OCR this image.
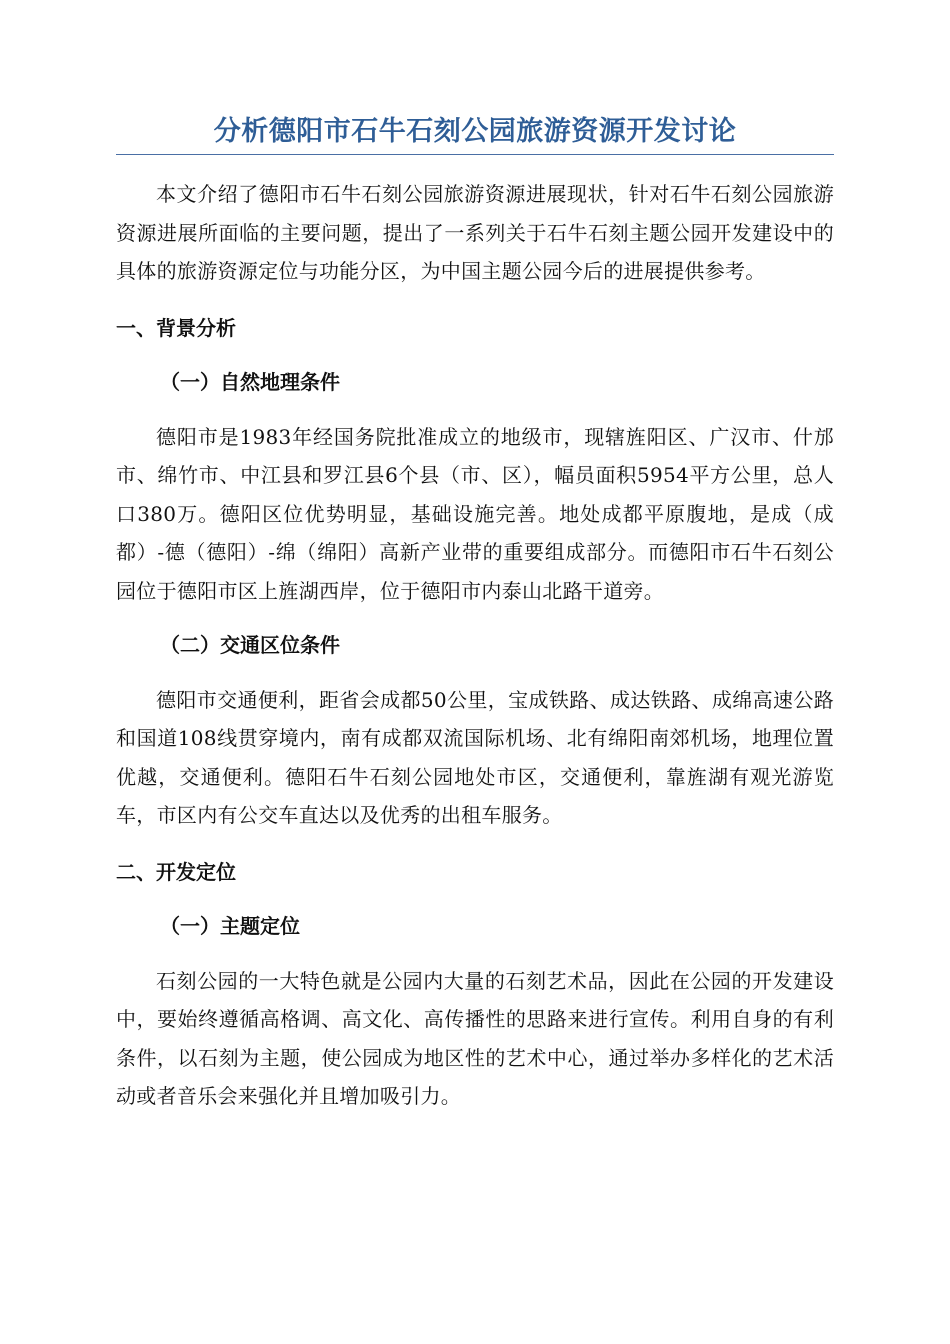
分析德阳市石牛石刻公园旅游资源开发讨论

本文介绍了德阳市石牛石刻公园旅游资源进展现状，针对石牛石刻公园旅游资源进展所面临的主要问题，提出了一系列关于石牛石刻主题公园开发建设中的具体的旅游资源定位与功能分区，为中国主题公园今后的进展提供参考。

一、背景分析
（一）自然地理条件

德阳市是1983年经国务院批准成立的地级市，现辖旌阳区、广汉市、什邡市、绵竹市、中江县和罗江县6个县（市、区），幅员面积5954平方公里，总人口380万。德阳区位优势明显，基础设施完善。地处成都平原腹地，是成（成都）-德（德阳）-绵（绵阳）高新产业带的重要组成部分。而德阳市石牛石刻公园位于德阳市区上旌湖西岸，位于德阳市内泰山北路干道旁。

（二）交通区位条件

德阳市交通便利，距省会成都50公里，宝成铁路、成达铁路、成绵高速公路和国道108线贯穿境内，南有成都双流国际机场、北有绵阳南郊机场，地理位置优越，交通便利。德阳石牛石刻公园地处市区，交通便利，靠旌湖有观光游览车，市区内有公交车直达以及优秀的出租车服务。

二、开发定位
（一）主题定位

石刻公园的一大特色就是公园内大量的石刻艺术品，因此在公园的开发建设中，要始终遵循高格调、高文化、高传播性的思路来进行宣传。利用自身的有利条件，以石刻为主题，使公园成为地区性的艺术中心，通过举办多样化的艺术活动或者音乐会来强化并且增加吸引力。
